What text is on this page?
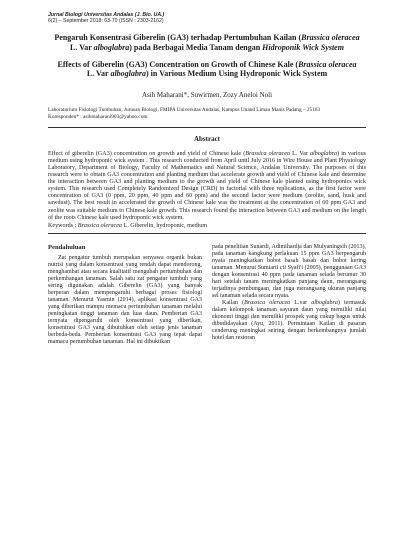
Jurnal Biologi Universitas Andalas (J. Bio. UA.)
6(2) – September 2018: 63-70 (ISSN : 2303-2162)
Pengaruh Konsentrasi Giberelin (GA3) terhadap Pertumbuhan Kailan (Brassica oleracea L. Var alboglabra) pada Berbagai Media Tanam dengan Hidroponik Wick System
Effects of Giberelin (GA3) Concentration on Growth of Chinese Kale (Brassica oleracea L. Var alboglabra) in Various Medium Using Hydroponic Wick System
Asih Maharani*, Suwirmen, Zozy Aneloi Noli
Laboratorium Fisiologi Tumbuhan, Jurusan Biologi, FMIPA Universitas Andalas, Kampus Unand Limau Manis Padang – 25163
Koresponden* : asihmaharani903@yahoo.com
Abstract
Effect of giberelin (GA3) concentration on growth and yield of Chinese kale (Brassica oleracea L. Var alboglabra) in various medium using hydroponic wick system . This research conducted from April until July 2016 in Wire House and Plant Physiology Laboratory, Department of Biology, Faculty of Mathematics and Natural Science, Andalas University. The purposes of this research were to obtain GA3 concentration and planting medium that accelerate growth and yield of Chinese kale and determine the interaction between GA3 and planting medium to the growth and yield of Chinese kale planted using hydroponics wick system. This research used Completely Randomized Design (CRD) in factorial with three replications, as the first factor were concentration of GA3 (0 ppm, 20 ppm, 40 ppm and 60 ppm) and the second factor were medium (zeolite, sand, husk and sawdust). The best result in accelerated the growth of Chinese kale was the treatment at the concentration of 60 ppm GA3 and zeolite was suitable medium to Chinese kale growth. This research found the interaction between GA3 and medium on the length of the roots Chinese kale used hydroponic wick system.
Keywords : Brassica oleracea L. Giberelin, hydroponic, medium
Pendahuluan

Zat pengatur tumbuh merupakan senyawa organik bukan nutrisi yang dalam konsentrasi yang rendah dapat mendorong, menghambat atau secara kualitatif mengubah pertumbuhan dan perkembangan tanaman. Salah satu zat pengatur tumbuh yang sering digunakan adalah Giberelin (GA3) yang banyak berperan dalam mempengaruhi berbagai proses fisiologi tanaman. Menurut Yasmin (2014), aplikasi konsentrasi GA3 yang diberikan mampu memacu pertumbuhan tanaman melalui peningkatan tinggi tanaman dan luas daun. Pemberian GA3 ternyata dipengaruhi oleh konsentrasi yang diberikan, konsentrasi GA3 yang dibutuhkan oleh setiap jenis tanaman berbeda-beda. Pemberian konsentrasi GA3 yang tepat dapat mamacu pertumbuhan tanaman. Hal ini dibuktikan

pada penelitian Sunardi, Adimihardja dan Mulyaningsih (2013), pada tanaman kangkung perlakuan 15 ppm GA3 berpengaruh nyata meningkatkan bobot basah basah dan bobot kering tanaman. Menurut Sumiarti cit Syafi'i (2005), penggunaan GA3 dengan konsentrasi 40 ppm pada tanaman selada berumur 30 hari setelah tanam meningkatkan panjang daun, merangsang terjadinya pembungaan, dan juga merangsang ukuran panjang sel tanaman selada secara nyata.

Kailan (Brassica oleracea L.var alboglabra) termasuk dalam kelompok tanaman sayuran daun yang memiliki nilai ekonomi tinggi dan memiliki prospek yang cukup bagus untuk dibudidayakan (Ayu, 2011). Permintaan Kailan di pasaran cenderung meningkat seiring dengan berkembangnya jumlah hotel dan restoran
